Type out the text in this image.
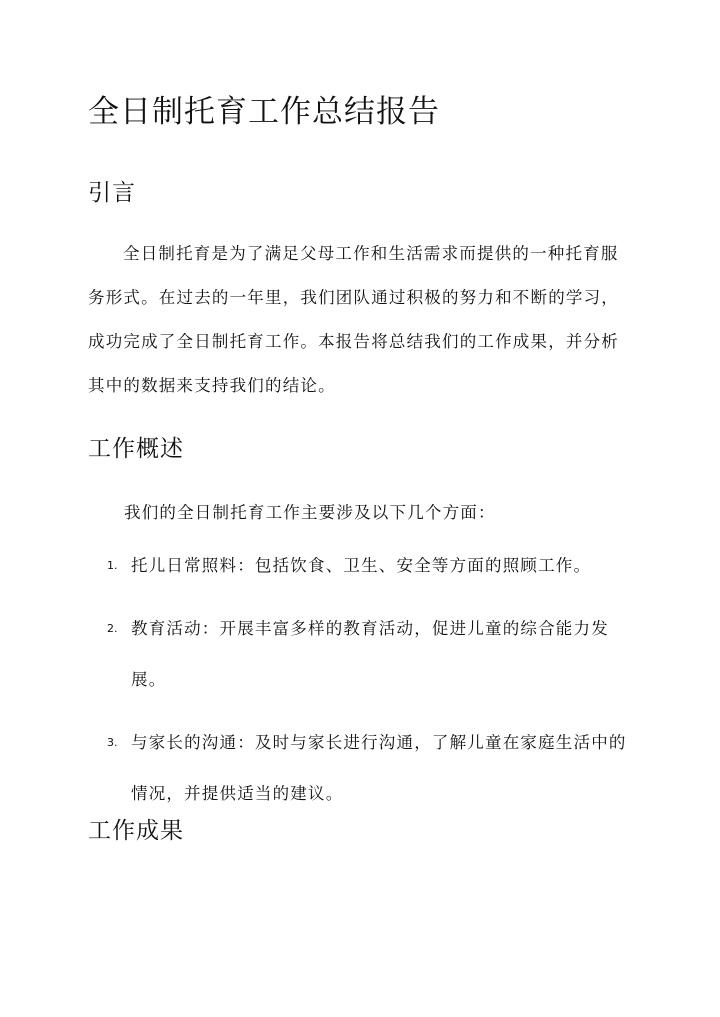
全日制托育工作总结报告
引言

全日制托育是为了满足父母工作和生活需求而提供的一种托育服务形式。在过去的一年里，我们团队通过积极的努力和不断的学习，成功完成了全日制托育工作。本报告将总结我们的工作成果，并分析其中的数据来支持我们的结论。

工作概述

我们的全日制托育工作主要涉及以下几个方面：

1. 托儿日常照料：包括饮食、卫生、安全等方面的照顾工作。
2. 教育活动：开展丰富多样的教育活动，促进儿童的综合能力发展。
3. 与家长的沟通：及时与家长进行沟通，了解儿童在家庭生活中的情况，并提供适当的建议。
工作成果
